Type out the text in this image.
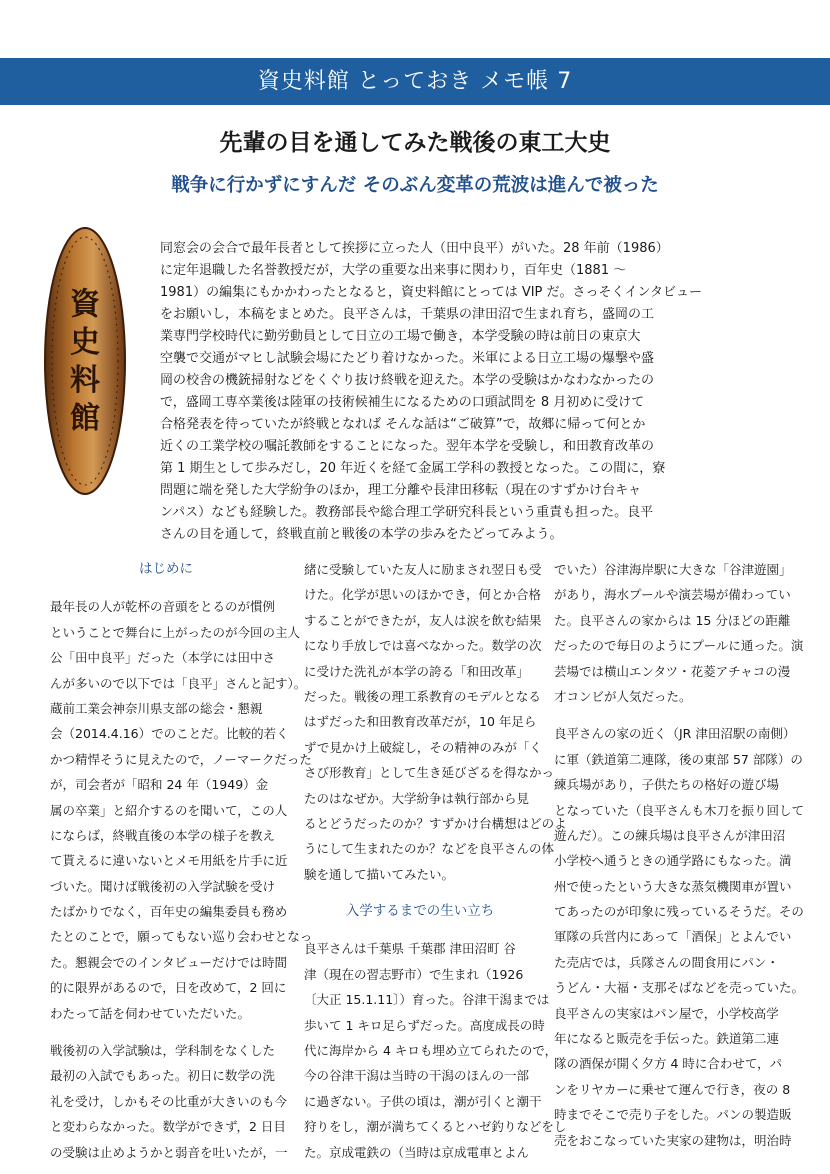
資史料館 とっておき メモ帳 7
先輩の目を通してみた戦後の東工大史
戦争に行かずにすんだ そのぶん変革の荒波は進んで被った
資
史
料
館
同窓会の会合で最年長者として挨拶に立った人（田中良平）がいた。28 年前（1986）
に定年退職した名誉教授だが，大学の重要な出来事に関わり，百年史（1881 ～
1981）の編集にもかかわったとなると，資史料館にとっては VIP だ。さっそくインタビュー
をお願いし，本稿をまとめた。良平さんは，千葉県の津田沼で生まれ育ち，盛岡の工
業専門学校時代に勤労動員として日立の工場で働き，本学受験の時は前日の東京大
空襲で交通がマヒし試験会場にたどり着けなかった。米軍による日立工場の爆撃や盛
岡の校舎の機銃掃射などをくぐり抜け終戦を迎えた。本学の受験はかなわなかったの
で，盛岡工専卒業後は陸軍の技術候補生になるための口頭試問を 8 月初めに受けて
合格発表を待っていたが終戦となれば そんな話は“ご破算”で，故郷に帰って何とか
近くの工業学校の嘱託教師をすることになった。翌年本学を受験し，和田教育改革の
第 1 期生として歩みだし，20 年近くを経て金属工学科の教授となった。この間に，寮
問題に端を発した大学紛争のほか，理工分離や長津田移転（現在のすずかけ台キャ
ンパス）なども経験した。教務部長や総合理工学研究科長という重責も担った。良平
さんの目を通して，終戦直前と戦後の本学の歩みをたどってみよう。
はじめに
最年長の人が乾杯の音頭をとるのが慣例
ということで舞台に上がったのが今回の主人
公「田中良平」だった（本学には田中さ
んが多いので以下では「良平」さんと記す）。
蔵前工業会神奈川県支部の総会・懇親
会（2014.4.16）でのことだ。比較的若く
かつ精悍そうに見えたので，ノーマークだった
が，司会者が「昭和 24 年（1949）金
属の卒業」と紹介するのを聞いて，この人
にならば，終戦直後の本学の様子を教え
て貰えるに違いないとメモ用紙を片手に近
づいた。聞けば戦後初の入学試験を受け
たばかりでなく，百年史の編集委員も務め
たとのことで，願ってもない巡り会わせとなっ
た。懇親会でのインタビューだけでは時間
的に限界があるので，日を改めて，2 回に
わたって話を伺わせていただいた。
戦後初の入学試験は，学科制をなくした
最初の入試でもあった。初日に数学の洗
礼を受け，しかもその比重が大きいのも今
と変わらなかった。数学ができず，2 日目
の受験は止めようかと弱音を吐いたが，一
緒に受験していた友人に励まされ翌日も受
けた。化学が思いのほかでき，何とか合格
することができたが，友人は涙を飲む結果
になり手放しでは喜べなかった。数学の次
に受けた洗礼が本学の誇る「和田改革」
だった。戦後の理工系教育のモデルとなる
はずだった和田教育改革だが，10 年足ら
ずで見かけ上破綻し，その精神のみが「く
さび形教育」として生き延びざるを得なかっ
たのはなぜか。大学紛争は執行部から見
るとどうだったのか？すずかけ台構想はどのよ
うにして生まれたのか？などを良平さんの体
験を通して描いてみたい。
入学するまでの生い立ち
良平さんは千葉県 千葉郡 津田沼町 谷
津（現在の習志野市）で生まれ（1926
〔大正 15.1.11〕）育った。谷津干潟までは
歩いて 1 キロ足らずだった。高度成長の時
代に海岸から 4 キロも埋め立てられたので，
今の谷津干潟は当時の干潟のほんの一部
に過ぎない。子供の頃は，潮が引くと潮干
狩りをし，潮が満ちてくるとハゼ釣りなどをし
た。京成電鉄の（当時は京成電車とよん
でいた）谷津海岸駅に大きな「谷津遊園」
があり，海水プールや演芸場が備わってい
た。良平さんの家からは 15 分ほどの距離
だったので毎日のようにプールに通った。演
芸場では横山エンタツ・花菱アチャコの漫
才コンビが人気だった。
良平さんの家の近く（JR 津田沼駅の南側）
に軍（鉄道第二連隊，後の東部 57 部隊）の
練兵場があり，子供たちの格好の遊び場
となっていた（良平さんも木刀を振り回して
遊んだ）。この練兵場は良平さんが津田沼
小学校へ通うときの通学路にもなった。満
州で使ったという大きな蒸気機関車が置い
てあったのが印象に残っているそうだ。その
軍隊の兵営内にあって「酒保」とよんでい
た売店では，兵隊さんの間食用にパン・
うどん・大福・支那そばなどを売っていた。
良平さんの実家はパン屋で，小学校高学
年になると販売を手伝った。鉄道第二連
隊の酒保が開く夕方 4 時に合わせて，パ
ンをリヤカーに乗せて運んで行き，夜の 8
時までそこで売り子をした。パンの製造販
売をおこなっていた実家の建物は，明治時
